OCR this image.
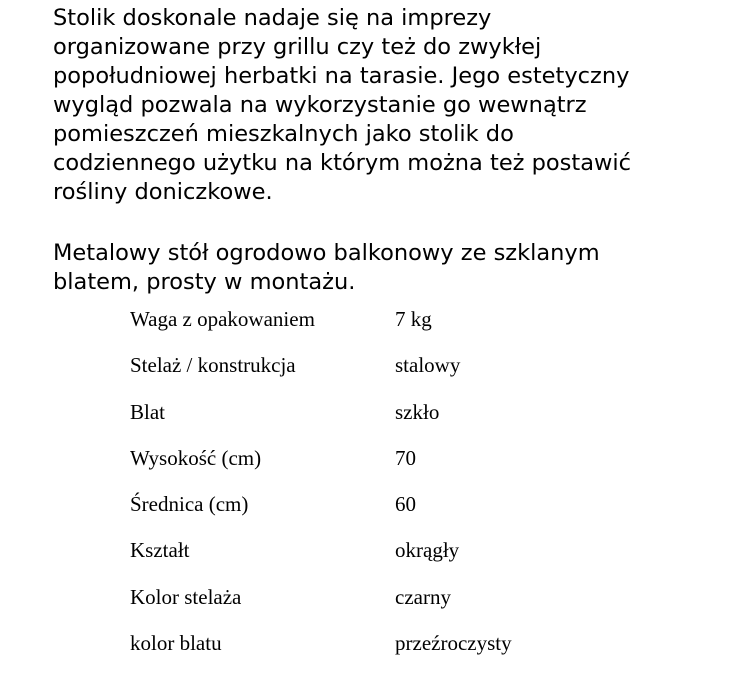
Stolik doskonale nadaje się na imprezy
organizowane przy grillu czy też do zwykłej
popołudniowej herbatki na tarasie. Jego estetyczny
wygląd pozwala na wykorzystanie go wewnątrz
pomieszczeń mieszkalnych jako stolik do
codziennego użytku na którym można też postawić
rośliny doniczkowe.
Metalowy stół ogrodowo balkonowy ze szklanym
blatem, prosty w montażu.
Waga z opakowaniem	7 kg
Stelaż / konstrukcja	stalowy
Blat	szkło
Wysokość (cm)	70
Średnica (cm)	60
Kształt	okrągły
Kolor stelaża	czarny
kolor blatu	przeźroczysty
